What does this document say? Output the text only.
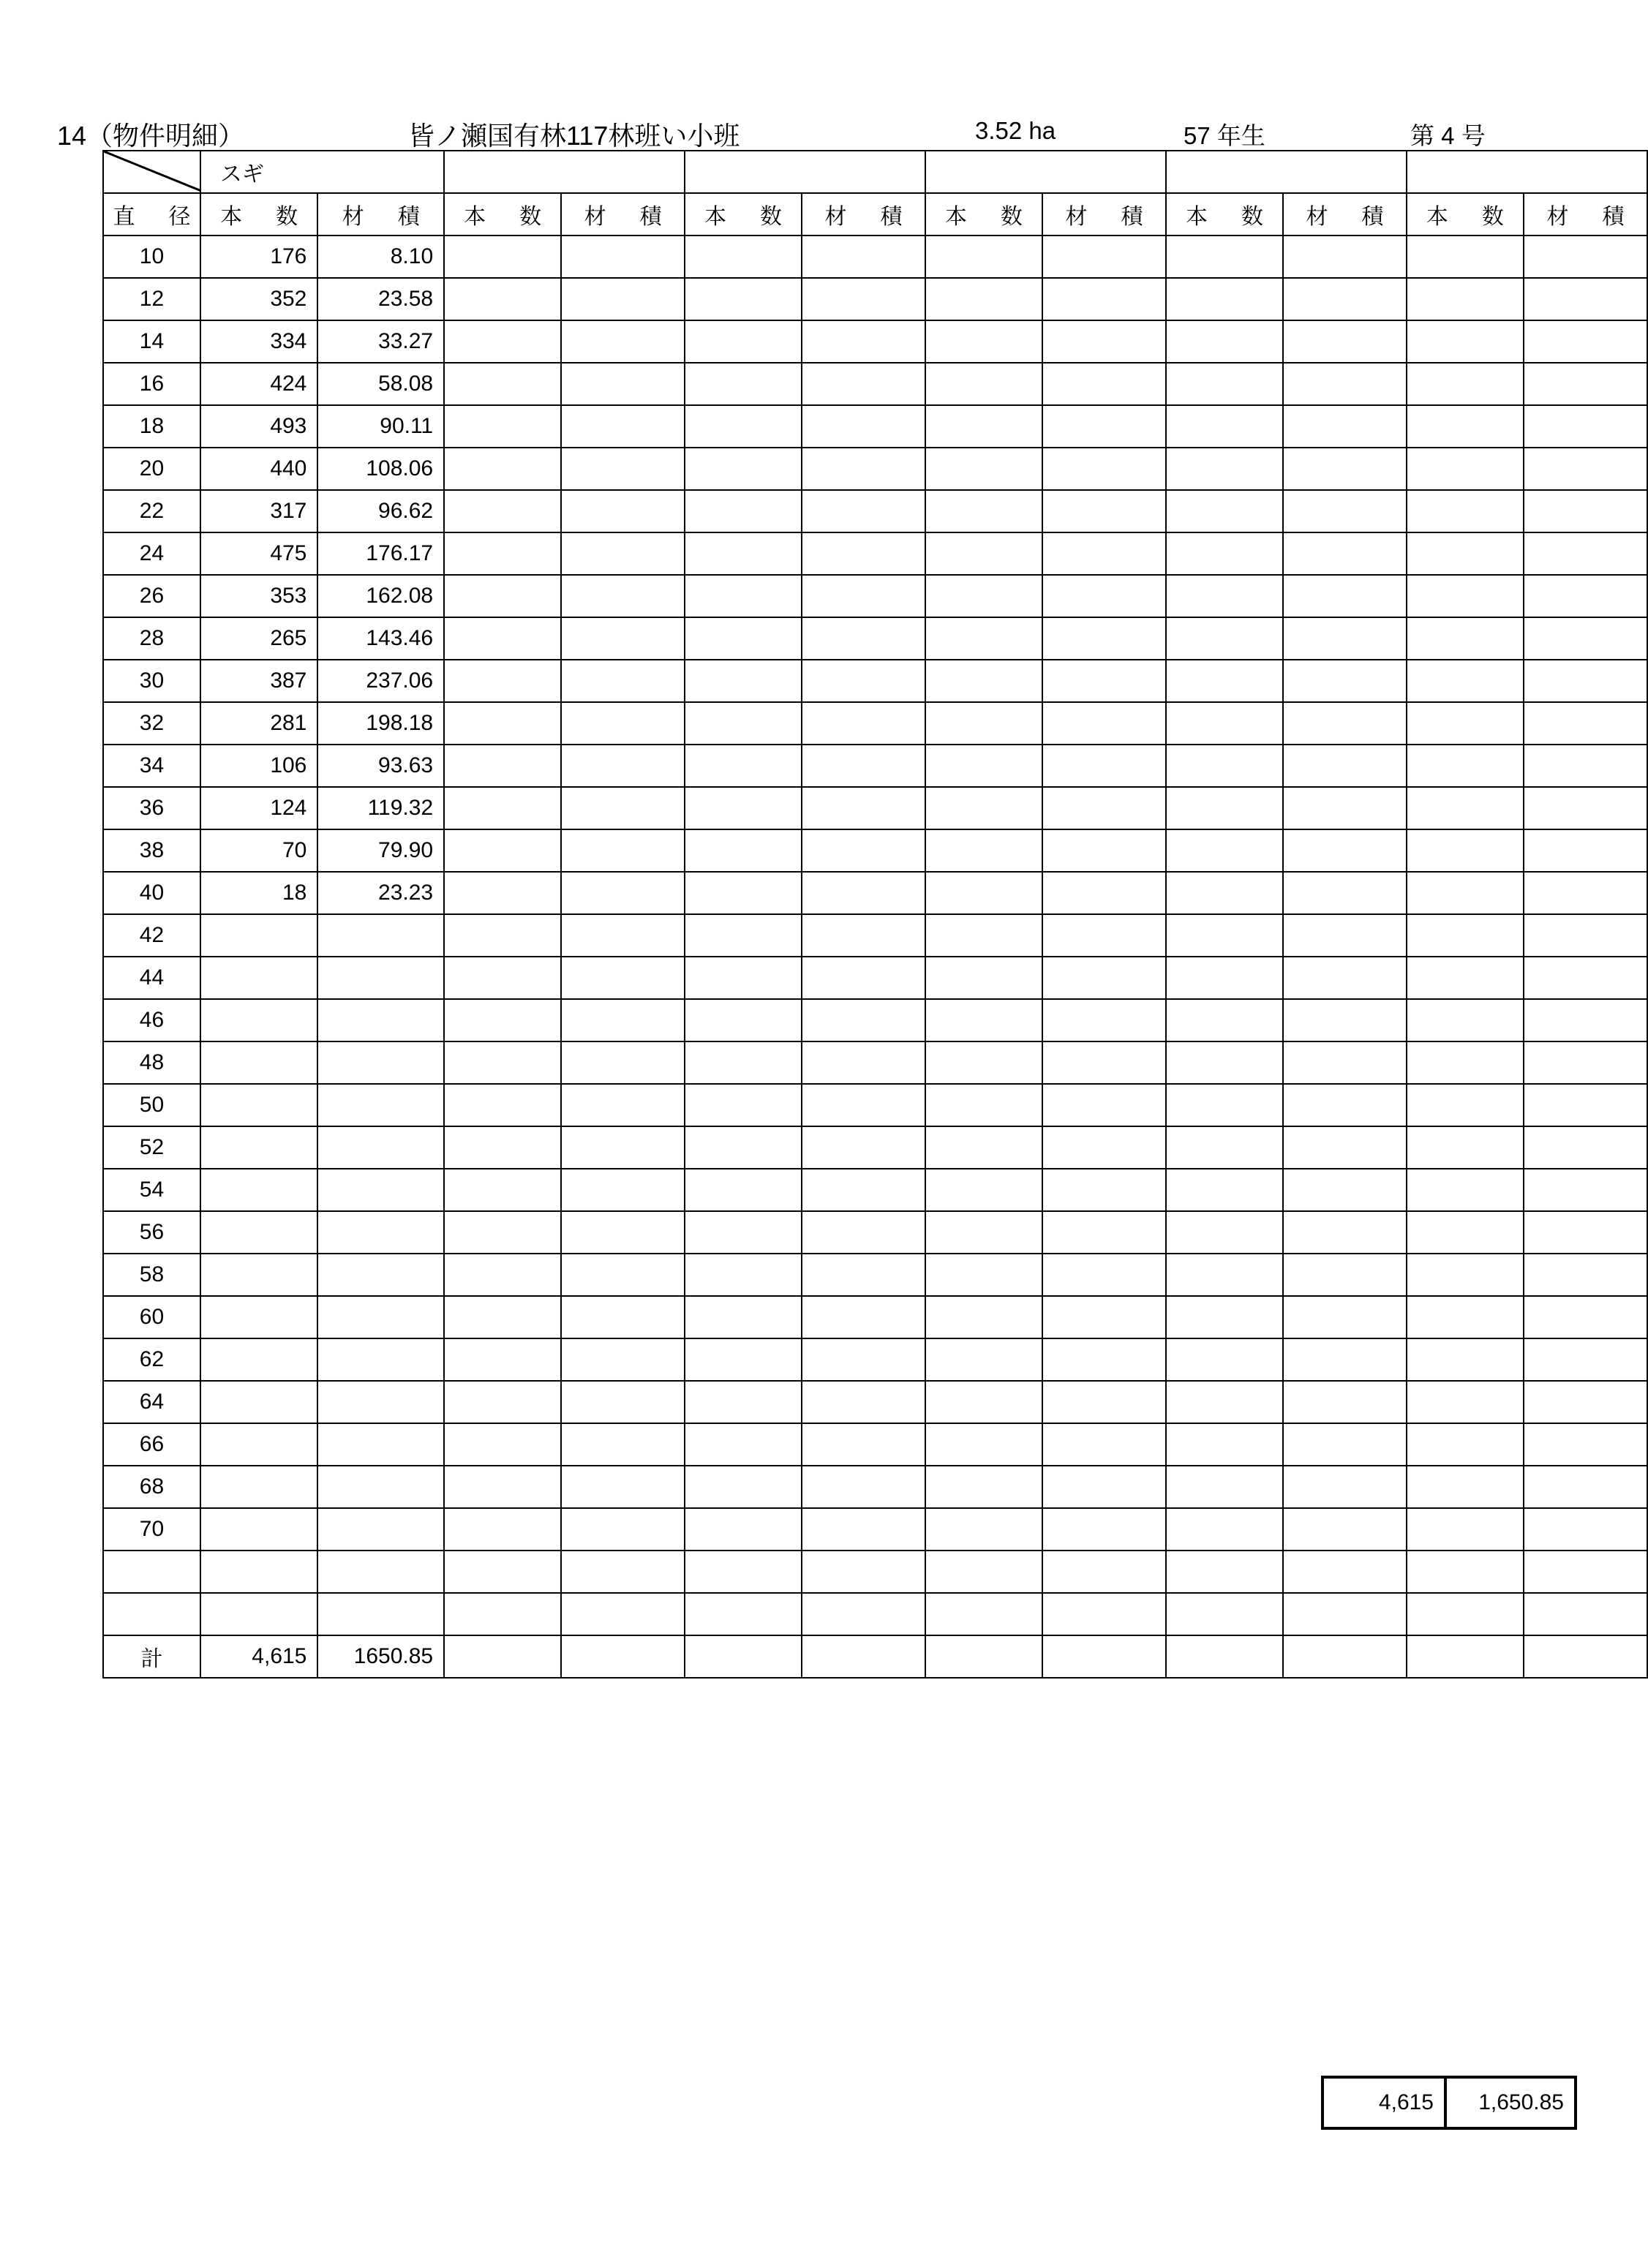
14（物件明細）	皆ノ瀬国有林117林班い小班	3.52 ha	57 年生	第 4 号
	スギ											
直　径	本　数	材　積	本　数	材　積	本　数	材　積	本　数	材　積	本　数	材　積	本　数	材　積
10	176	8.10										
12	352	23.58										
14	334	33.27										
16	424	58.08										
18	493	90.11										
20	440	108.06										
22	317	96.62										
24	475	176.17										
26	353	162.08										
28	265	143.46										
30	387	237.06										
32	281	198.18										
34	106	93.63										
36	124	119.32										
38	70	79.90										
40	18	23.23										
42												
44												
46												
48												
50												
52												
54												
56												
58												
60												
62												
64												
66												
68												
70												

計	4,615	1650.85										
4,615	1,650.85
